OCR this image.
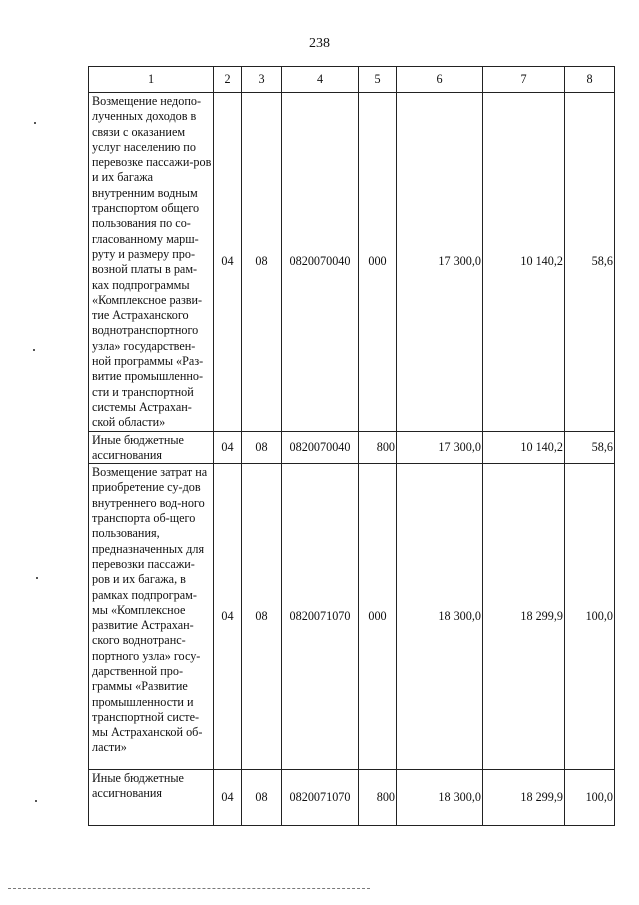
238
1	2	3	4	5	6	7	8
Возмещение недопо-лученных доходов в связи с оказанием услуг населению по перевозке пассажи-ров и их багажа внутренним водным транспортом общего пользования по со-гласованному марш-руту и размеру про-возной платы в рам-ках подпрограммы «Комплексное разви-тие Астраханского воднотранспортного узла» государствен-ной программы «Раз-витие промышленно-сти и транспортной системы Астрахан-ской области»	04	08	0820070040	000	17 300,0	10 140,2	58,6
Иные бюджетные ассигнования	04	08	0820070040	800	17 300,0	10 140,2	58,6
Возмещение затрат на приобретение су-дов внутреннего вод-ного транспорта об-щего пользования, предназначенных для перевозки пассажи-ров и их багажа, в рамках подпрограм-мы «Комплексное развитие Астрахан-ского воднотранс-портного узла» госу-дарственной про-граммы «Развитие промышленности и транспортной систе-мы Астраханской об-ласти»	04	08	0820071070	000	18 300,0	18 299,9	100,0
Иные бюджетные ассигнования	04	08	0820071070	800	18 300,0	18 299,9	100,0
